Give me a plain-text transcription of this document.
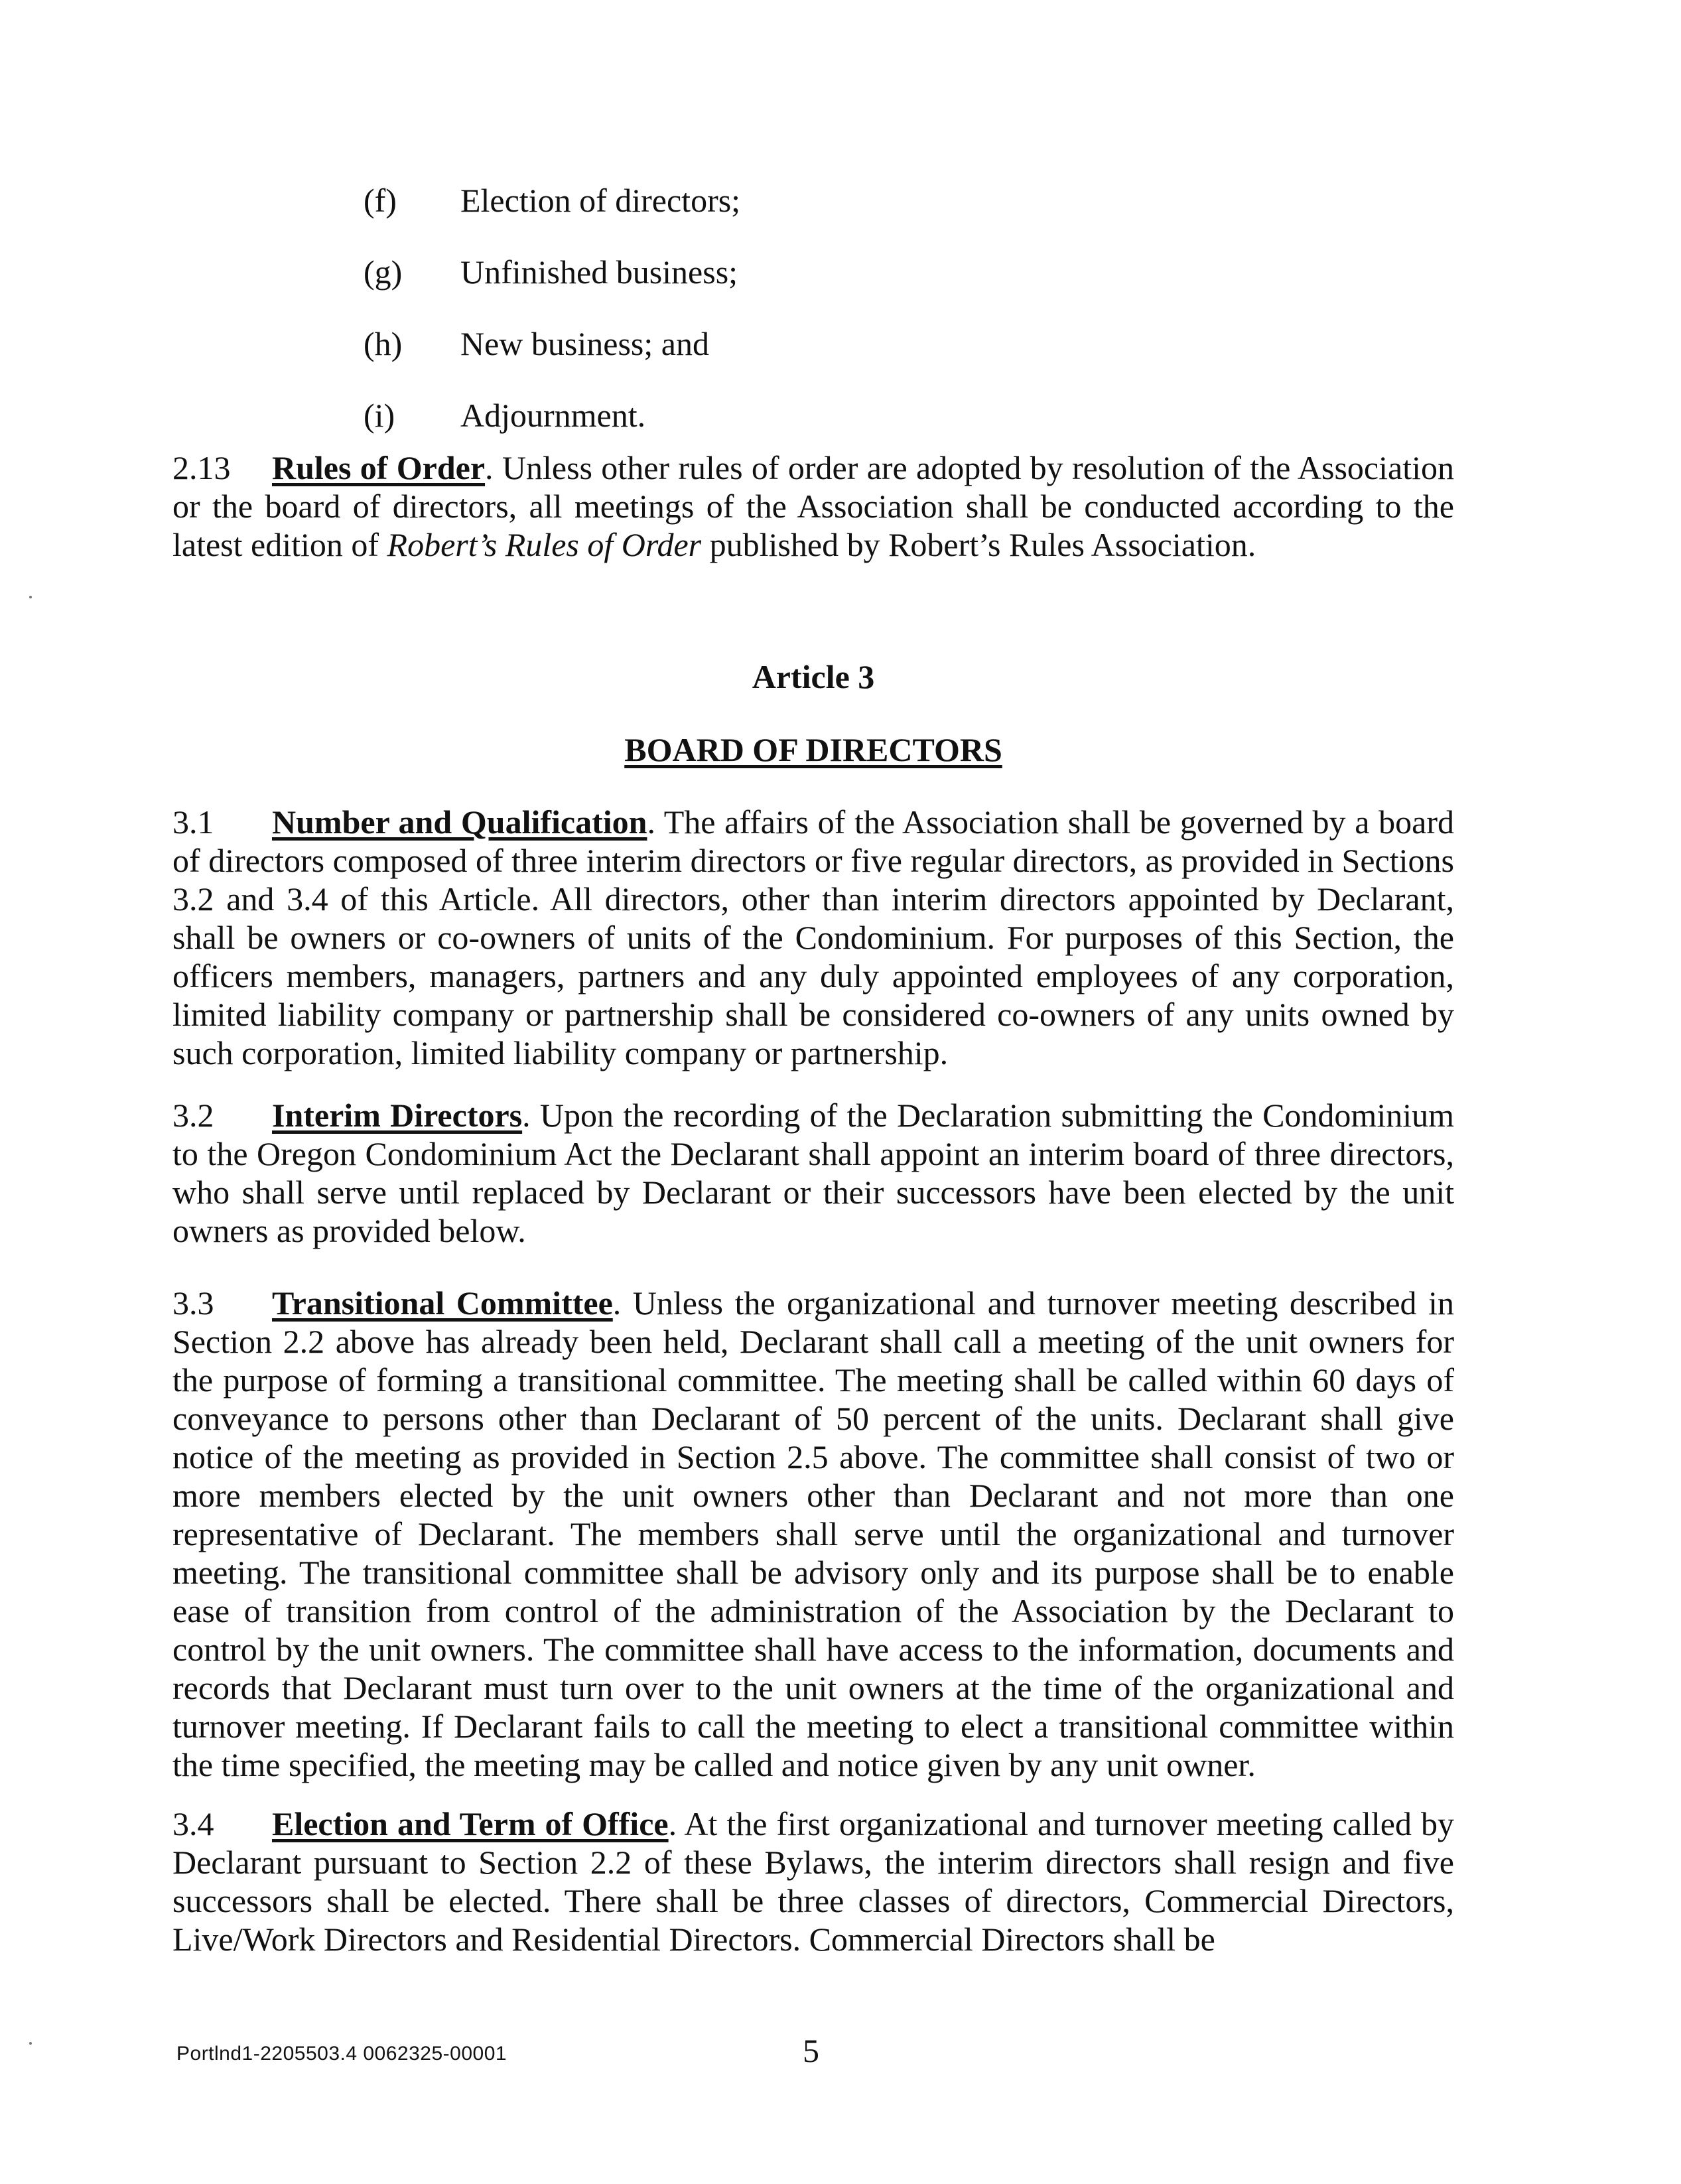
(f) Election of directors;
(g) Unfinished business;
(h) New business; and
(i) Adjournment.

2.13 Rules of Order. Unless other rules of order are adopted by resolution of the Association or the board of directors, all meetings of the Association shall be conducted according to the latest edition of Robert’s Rules of Order published by Robert’s Rules Association.

Article 3
BOARD OF DIRECTORS

3.1 Number and Qualification. The affairs of the Association shall be governed by a board of directors composed of three interim directors or five regular directors, as provided in Sections 3.2 and 3.4 of this Article. All directors, other than interim directors appointed by Declarant, shall be owners or co-owners of units of the Condominium. For purposes of this Section, the officers members, managers, partners and any duly appointed employees of any corporation, limited liability company or partnership shall be considered co-owners of any units owned by such corporation, limited liability company or partnership.

3.2 Interim Directors. Upon the recording of the Declaration submitting the Condominium to the Oregon Condominium Act the Declarant shall appoint an interim board of three directors, who shall serve until replaced by Declarant or their successors have been elected by the unit owners as provided below.

3.3 Transitional Committee. Unless the organizational and turnover meeting described in Section 2.2 above has already been held, Declarant shall call a meeting of the unit owners for the purpose of forming a transitional committee. The meeting shall be called within 60 days of conveyance to persons other than Declarant of 50 percent of the units. Declarant shall give notice of the meeting as provided in Section 2.5 above. The committee shall consist of two or more members elected by the unit owners other than Declarant and not more than one representative of Declarant. The members shall serve until the organizational and turnover meeting. The transitional committee shall be advisory only and its purpose shall be to enable ease of transition from control of the administration of the Association by the Declarant to control by the unit owners. The committee shall have access to the information, documents and records that Declarant must turn over to the unit owners at the time of the organizational and turnover meeting. If Declarant fails to call the meeting to elect a transitional committee within the time specified, the meeting may be called and notice given by any unit owner.

3.4 Election and Term of Office. At the first organizational and turnover meeting called by Declarant pursuant to Section 2.2 of these Bylaws, the interim directors shall resign and five successors shall be elected. There shall be three classes of directors, Commercial Directors, Live/Work Directors and Residential Directors. Commercial Directors shall be

Portlnd1-2205503.4 0062325-00001	5
